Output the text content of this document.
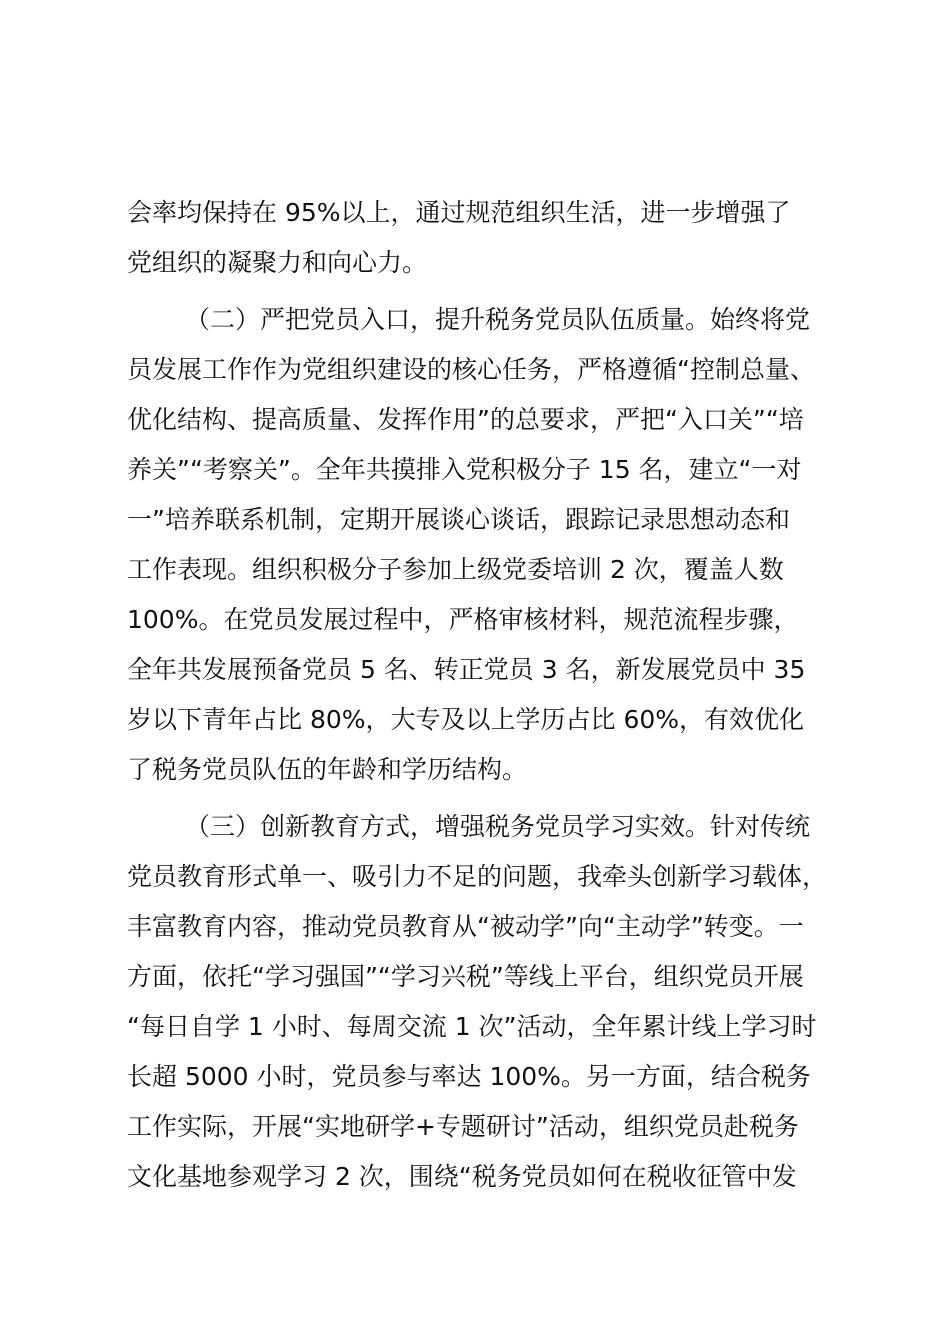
会率均保持在 95%以上，通过规范组织生活，进一步增强了
党组织的凝聚力和向心力。
（二）严把党员入口，提升税务党员队伍质量。始终将党
员发展工作作为党组织建设的核心任务，严格遵循“控制总量、
优化结构、提高质量、发挥作用”的总要求，严把“入口关”“培
养关”“考察关”。全年共摸排入党积极分子 15 名，建立“一对
一”培养联系机制，定期开展谈心谈话，跟踪记录思想动态和
工作表现。组织积极分子参加上级党委培训 2 次，覆盖人数
100%。在党员发展过程中，严格审核材料，规范流程步骤，
全年共发展预备党员 5 名、转正党员 3 名，新发展党员中 35
岁以下青年占比 80%，大专及以上学历占比 60%，有效优化
了税务党员队伍的年龄和学历结构。
（三）创新教育方式，增强税务党员学习实效。针对传统
党员教育形式单一、吸引力不足的问题，我牵头创新学习载体，
丰富教育内容，推动党员教育从“被动学”向“主动学”转变。一
方面，依托“学习强国”“学习兴税”等线上平台，组织党员开展
“每日自学 1 小时、每周交流 1 次”活动，全年累计线上学习时
长超 5000 小时，党员参与率达 100%。另一方面，结合税务
工作实际，开展“实地研学+专题研讨”活动，组织党员赴税务
文化基地参观学习 2 次，围绕“税务党员如何在税收征管中发
